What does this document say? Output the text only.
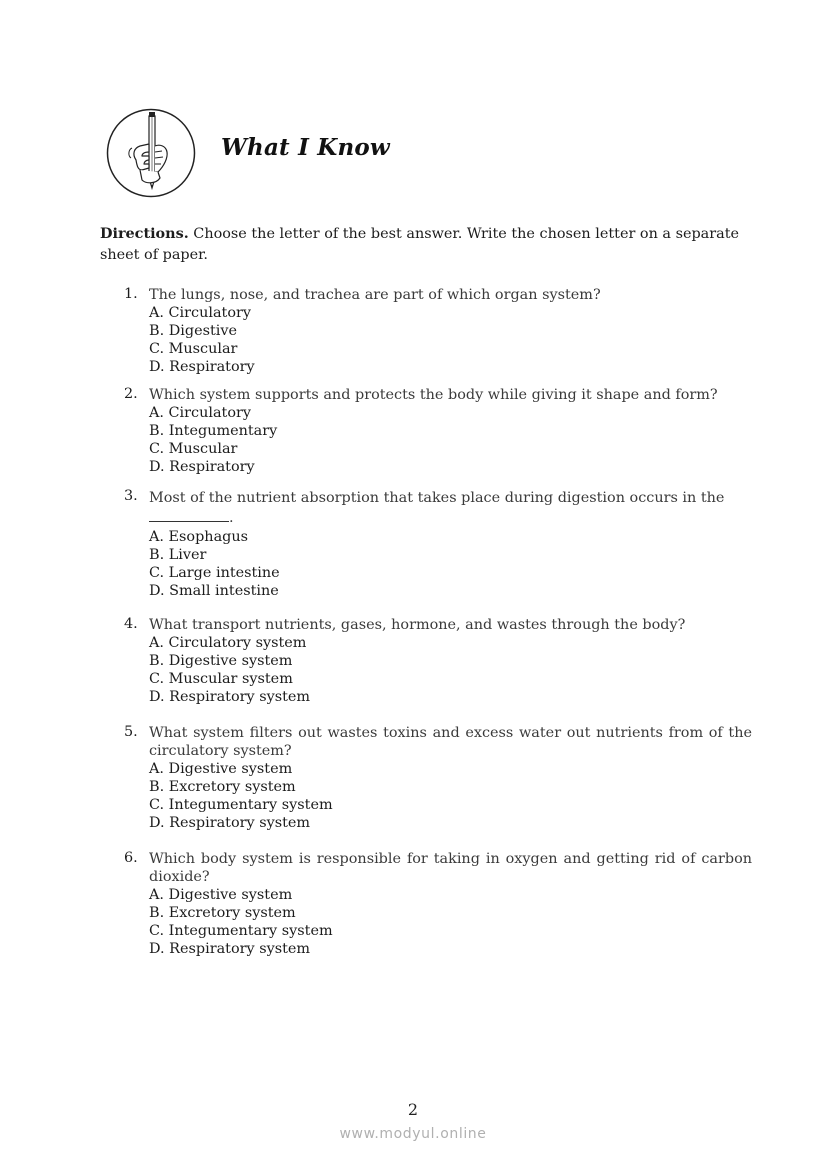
What I Know

Directions. Choose the letter of the best answer. Write the chosen letter on a separate sheet of paper.

1. The lungs, nose, and trachea are part of which organ system?
A. Circulatory
B. Digestive
C. Muscular
D. Respiratory
2. Which system supports and protects the body while giving it shape and form?
A. Circulatory
B. Integumentary
C. Muscular
D. Respiratory
3. Most of the nutrient absorption that takes place during digestion occurs in the .
A. Esophagus
B. Liver
C. Large intestine
D. Small intestine
4. What transport nutrients, gases, hormone, and wastes through the body?
A. Circulatory system
B. Digestive system
C. Muscular system
D. Respiratory system
5. What system filters out wastes toxins and excess water out nutrients from of the circulatory system?
A. Digestive system
B. Excretory system
C. Integumentary system
D. Respiratory system
6. Which body system is responsible for taking in oxygen and getting rid of carbon dioxide?
A. Digestive system
B. Excretory system
C. Integumentary system
D. Respiratory system
2
www.modyul.online
